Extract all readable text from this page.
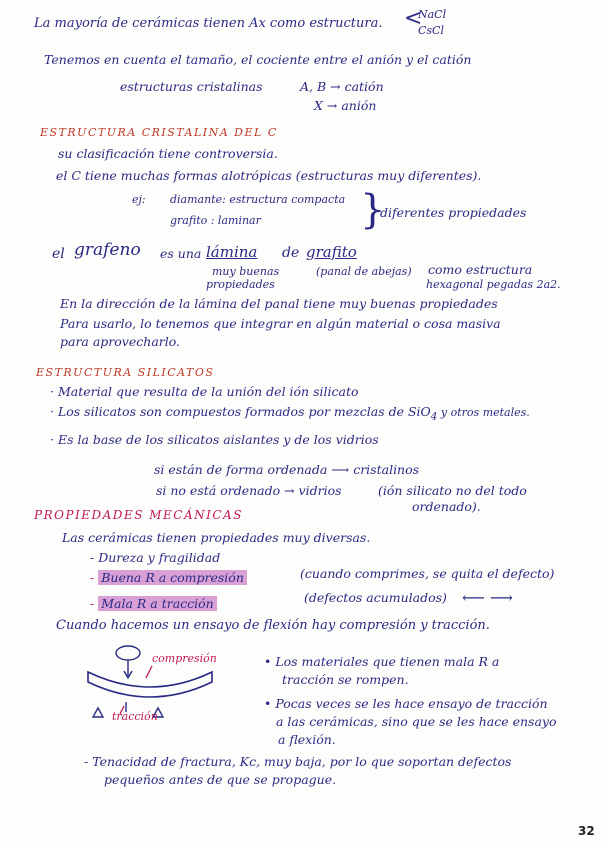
La mayoría de cerámicas tienen Ax como estructura.
NaCl
CsCl
<
Tenemos en cuenta el tamaño, el cociente entre el anión y el catión
estructuras cristalinas	A, B → catión
X → anión
ESTRUCTURA CRISTALINA DEL C
su clasificación tiene controversia.
el C tiene muchas formas alotrópicas (estructuras muy diferentes).
ej: diamante: estructura compacta
grafito : laminar }
diferentes propiedades
el grafeno es una lámina de grafito
muy buenas
propiedades
(panal de abejas) como estructura
hexagonal pegadas 2a2.
En la dirección de la lámina del panal tiene muy buenas propiedades
Para usarlo, lo tenemos que integrar en algún material o cosa masiva
para aprovecharlo.
ESTRUCTURA SILICATOS
· Material que resulta de la unión del ión silicato
· Los silicatos son compuestos formados por mezclas de SiO$_4$ y otros metales.
· Es la base de los silicatos aislantes y de los vidrios
si están de forma ordenada ⟶ cristalinos
si no está ordenado → vidrios	(ión silicato no del todo
ordenado).
PROPIEDADES MECÁNICAS
Las cerámicas tienen propiedades muy diversas.
- Dureza y fragilidad
- Buena R a compresión	(cuando comprimes, se quita el defecto)
- Mala R a tracción	(defectos acumulados) ⟵ ⟶
Cuando hacemos un ensayo de flexión hay compresión y tracción.
compresión
tracción
• Los materiales que tienen mala R a
tracción se rompen.
• Pocas veces se les hace ensayo de tracción
a las cerámicas, sino que se les hace ensayo
a flexión.
- Tenacidad de fractura, Kc, muy baja, por lo que soportan defectos
pequeños antes de que se propague.
32
